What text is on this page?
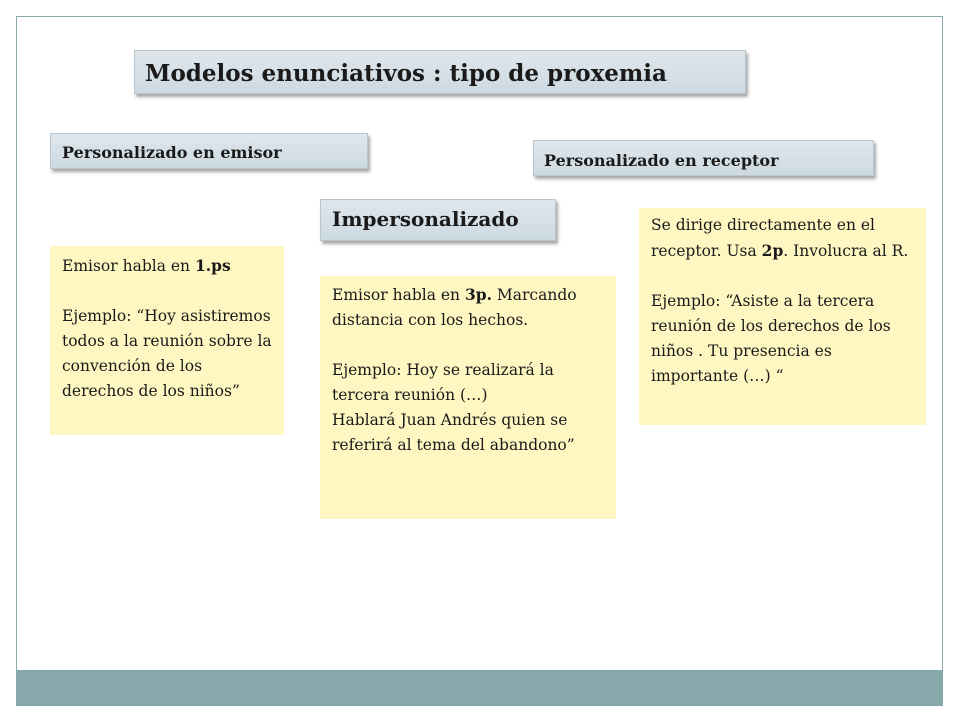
Modelos enunciativos : tipo de proxemia
Personalizado en emisor	Personalizado en receptor
Impersonalizado

Emisor habla en 1.ps

Ejemplo: “Hoy asistiremos todos a la reunión sobre la convención de los derechos de los niños”

Emisor habla en 3p. Marcando distancia con los hechos.

Ejemplo: Hoy se realizará la tercera reunión (…)

Hablará Juan Andrés quien se referirá al tema del abandono”

Se dirige directamente en el receptor. Usa 2p. Involucra al R.

Ejemplo: “Asiste a la tercera reunión de los derechos de los niños . Tu presencia es importante (…) “
